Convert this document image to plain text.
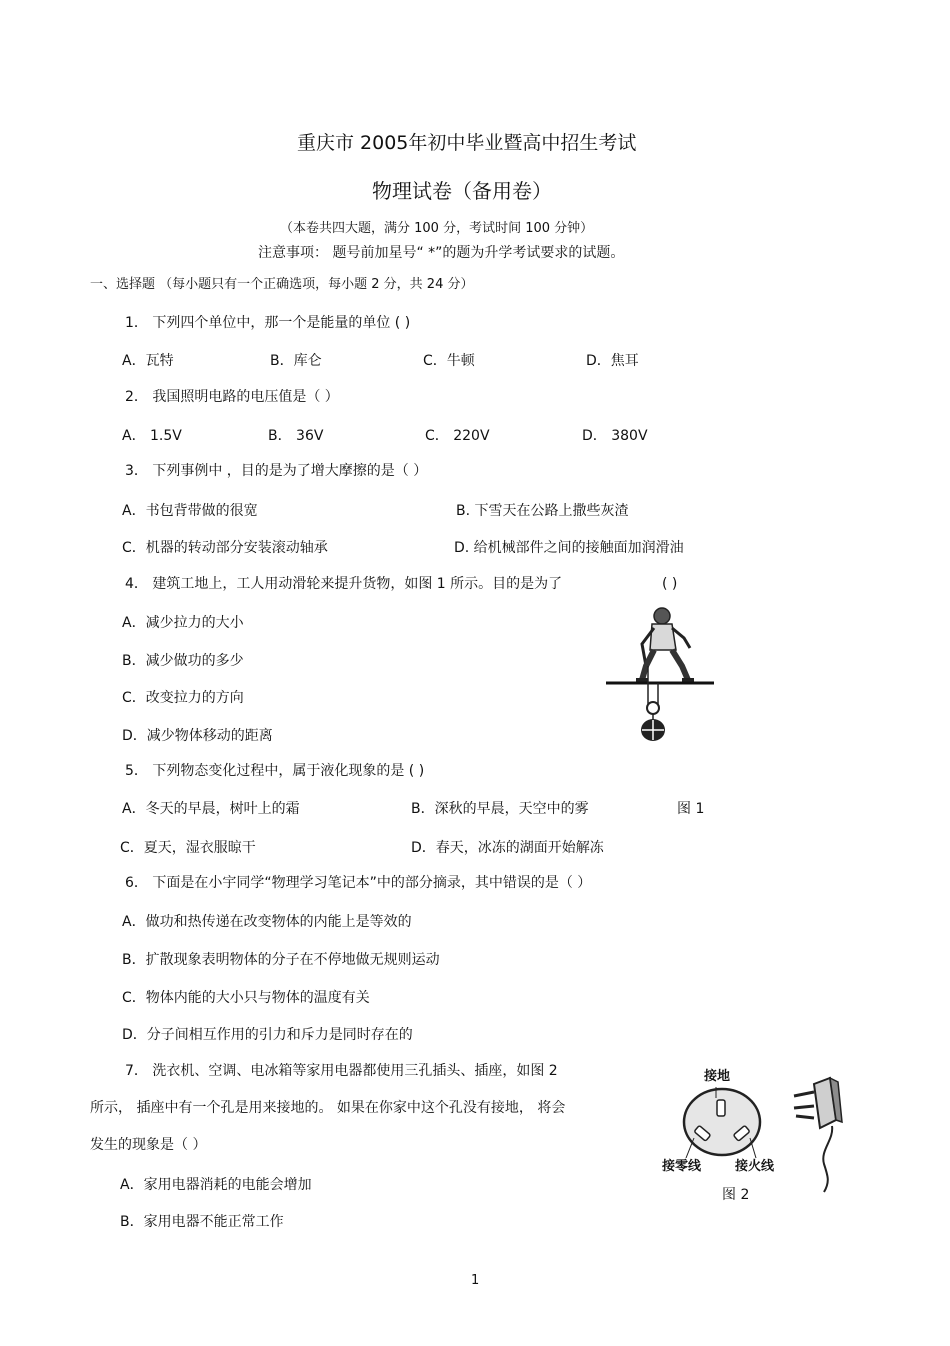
重庆市 2005年初中毕业暨高中招生考试
物理试卷（备用卷）
（本卷共四大题，满分 100 分，考试时间 100 分钟）
注意事项： 题号前加星号“ *”的题为升学考试要求的试题。
一、选择题 （每小题只有一个正确选项，每小题 2 分，共 24 分）
1． 下列四个单位中，那一个是能量的单位 ( )
A．瓦特	B．库仑	C．牛顿	D．焦耳
2． 我国照明电路的电压值是（ ）
A． 1.5V	B． 36V	C． 220V	D． 380V
3． 下列事例中 ，目的是为了增大摩擦的是（ ）
A．书包背带做的很宽	B. 下雪天在公路上撒些灰渣
C．机器的转动部分安装滚动轴承	D. 给机械部件之间的接触面加润滑油
4． 建筑工地上，工人用动滑轮来提升货物，如图 1 所示。目的是为了	( )
A．减少拉力的大小
B．减少做功的多少
C．改变拉力的方向
D．减少物体移动的距离
5． 下列物态变化过程中，属于液化现象的是 ( )
A．冬天的早晨，树叶上的霜	B．深秋的早晨，天空中的雾	图 1
C．夏天，湿衣服晾干	D．春天，冰冻的湖面开始解冻
6． 下面是在小宇同学“物理学习笔记本”中的部分摘录，其中错误的是（ ）
A．做功和热传递在改变物体的内能上是等效的
B．扩散现象表明物体的分子在不停地做无规则运动
C．物体内能的大小只与物体的温度有关
D．分子间相互作用的引力和斥力是同时存在的
7． 洗衣机、空调、电冰箱等家用电器都使用三孔插头、插座，如图 2
所示， 插座中有一个孔是用来接地的。 如果在你家中这个孔没有接地， 将会
发生的现象是（ ）
A．家用电器消耗的电能会增加
B．家用电器不能正常工作
接地
接零线	接火线
图 2
1
